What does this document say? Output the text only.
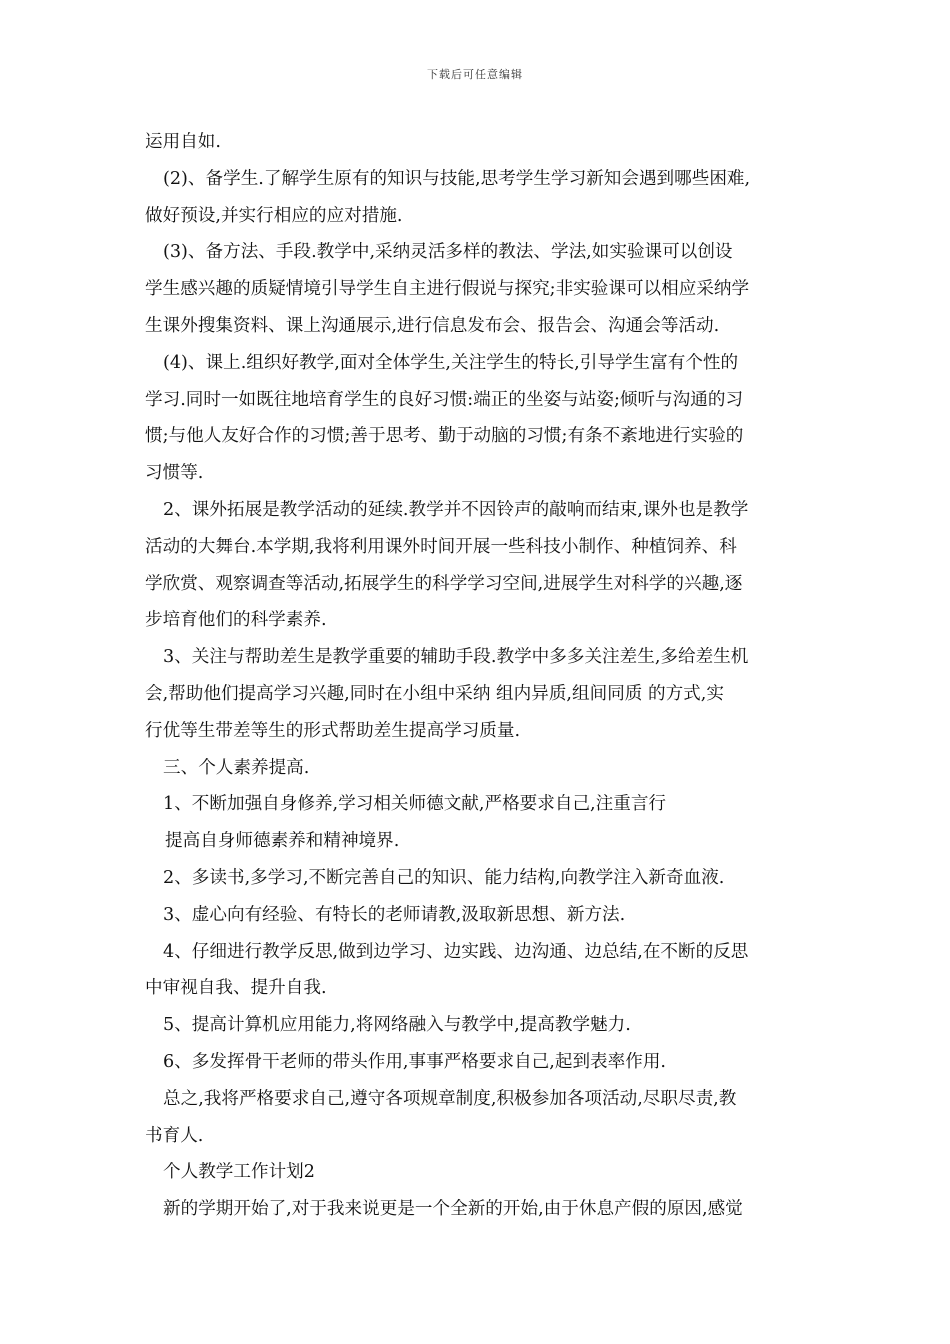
下载后可任意编辑
运用自如.
(2)、备学生.了解学生原有的知识与技能,思考学生学习新知会遇到哪些困难,
做好预设,并实行相应的应对措施.
(3)、备方法、手段.教学中,采纳灵活多样的教法、学法,如实验课可以创设
学生感兴趣的质疑情境引导学生自主进行假说与探究;非实验课可以相应采纳学
生课外搜集资料、课上沟通展示,进行信息发布会、报告会、沟通会等活动.
(4)、课上.组织好教学,面对全体学生,关注学生的特长,引导学生富有个性的
学习.同时一如既往地培育学生的良好习惯:端正的坐姿与站姿;倾听与沟通的习
惯;与他人友好合作的习惯;善于思考、勤于动脑的习惯;有条不紊地进行实验的
习惯等.
2、课外拓展是教学活动的延续.教学并不因铃声的敲响而结束,课外也是教学
活动的大舞台.本学期,我将利用课外时间开展一些科技小制作、种植饲养、科
学欣赏、观察调查等活动,拓展学生的科学学习空间,进展学生对科学的兴趣,逐
步培育他们的科学素养.
3、关注与帮助差生是教学重要的辅助手段.教学中多多关注差生,多给差生机
会,帮助他们提高学习兴趣,同时在小组中采纳 组内异质,组间同质 的方式,实
行优等生带差等生的形式帮助差生提高学习质量.
三、个人素养提高.
1、不断加强自身修养,学习相关师德文献,严格要求自己,注重言行
提高自身师德素养和精神境界.
2、多读书,多学习,不断完善自己的知识、能力结构,向教学注入新奇血液.
3、虚心向有经验、有特长的老师请教,汲取新思想、新方法.
4、仔细进行教学反思,做到边学习、边实践、边沟通、边总结,在不断的反思
中审视自我、提升自我.
5、提高计算机应用能力,将网络融入与教学中,提高教学魅力.
6、多发挥骨干老师的带头作用,事事严格要求自己,起到表率作用.
总之,我将严格要求自己,遵守各项规章制度,积极参加各项活动,尽职尽责,教
书育人.
个人教学工作计划2
新的学期开始了,对于我来说更是一个全新的开始,由于休息产假的原因,感觉
